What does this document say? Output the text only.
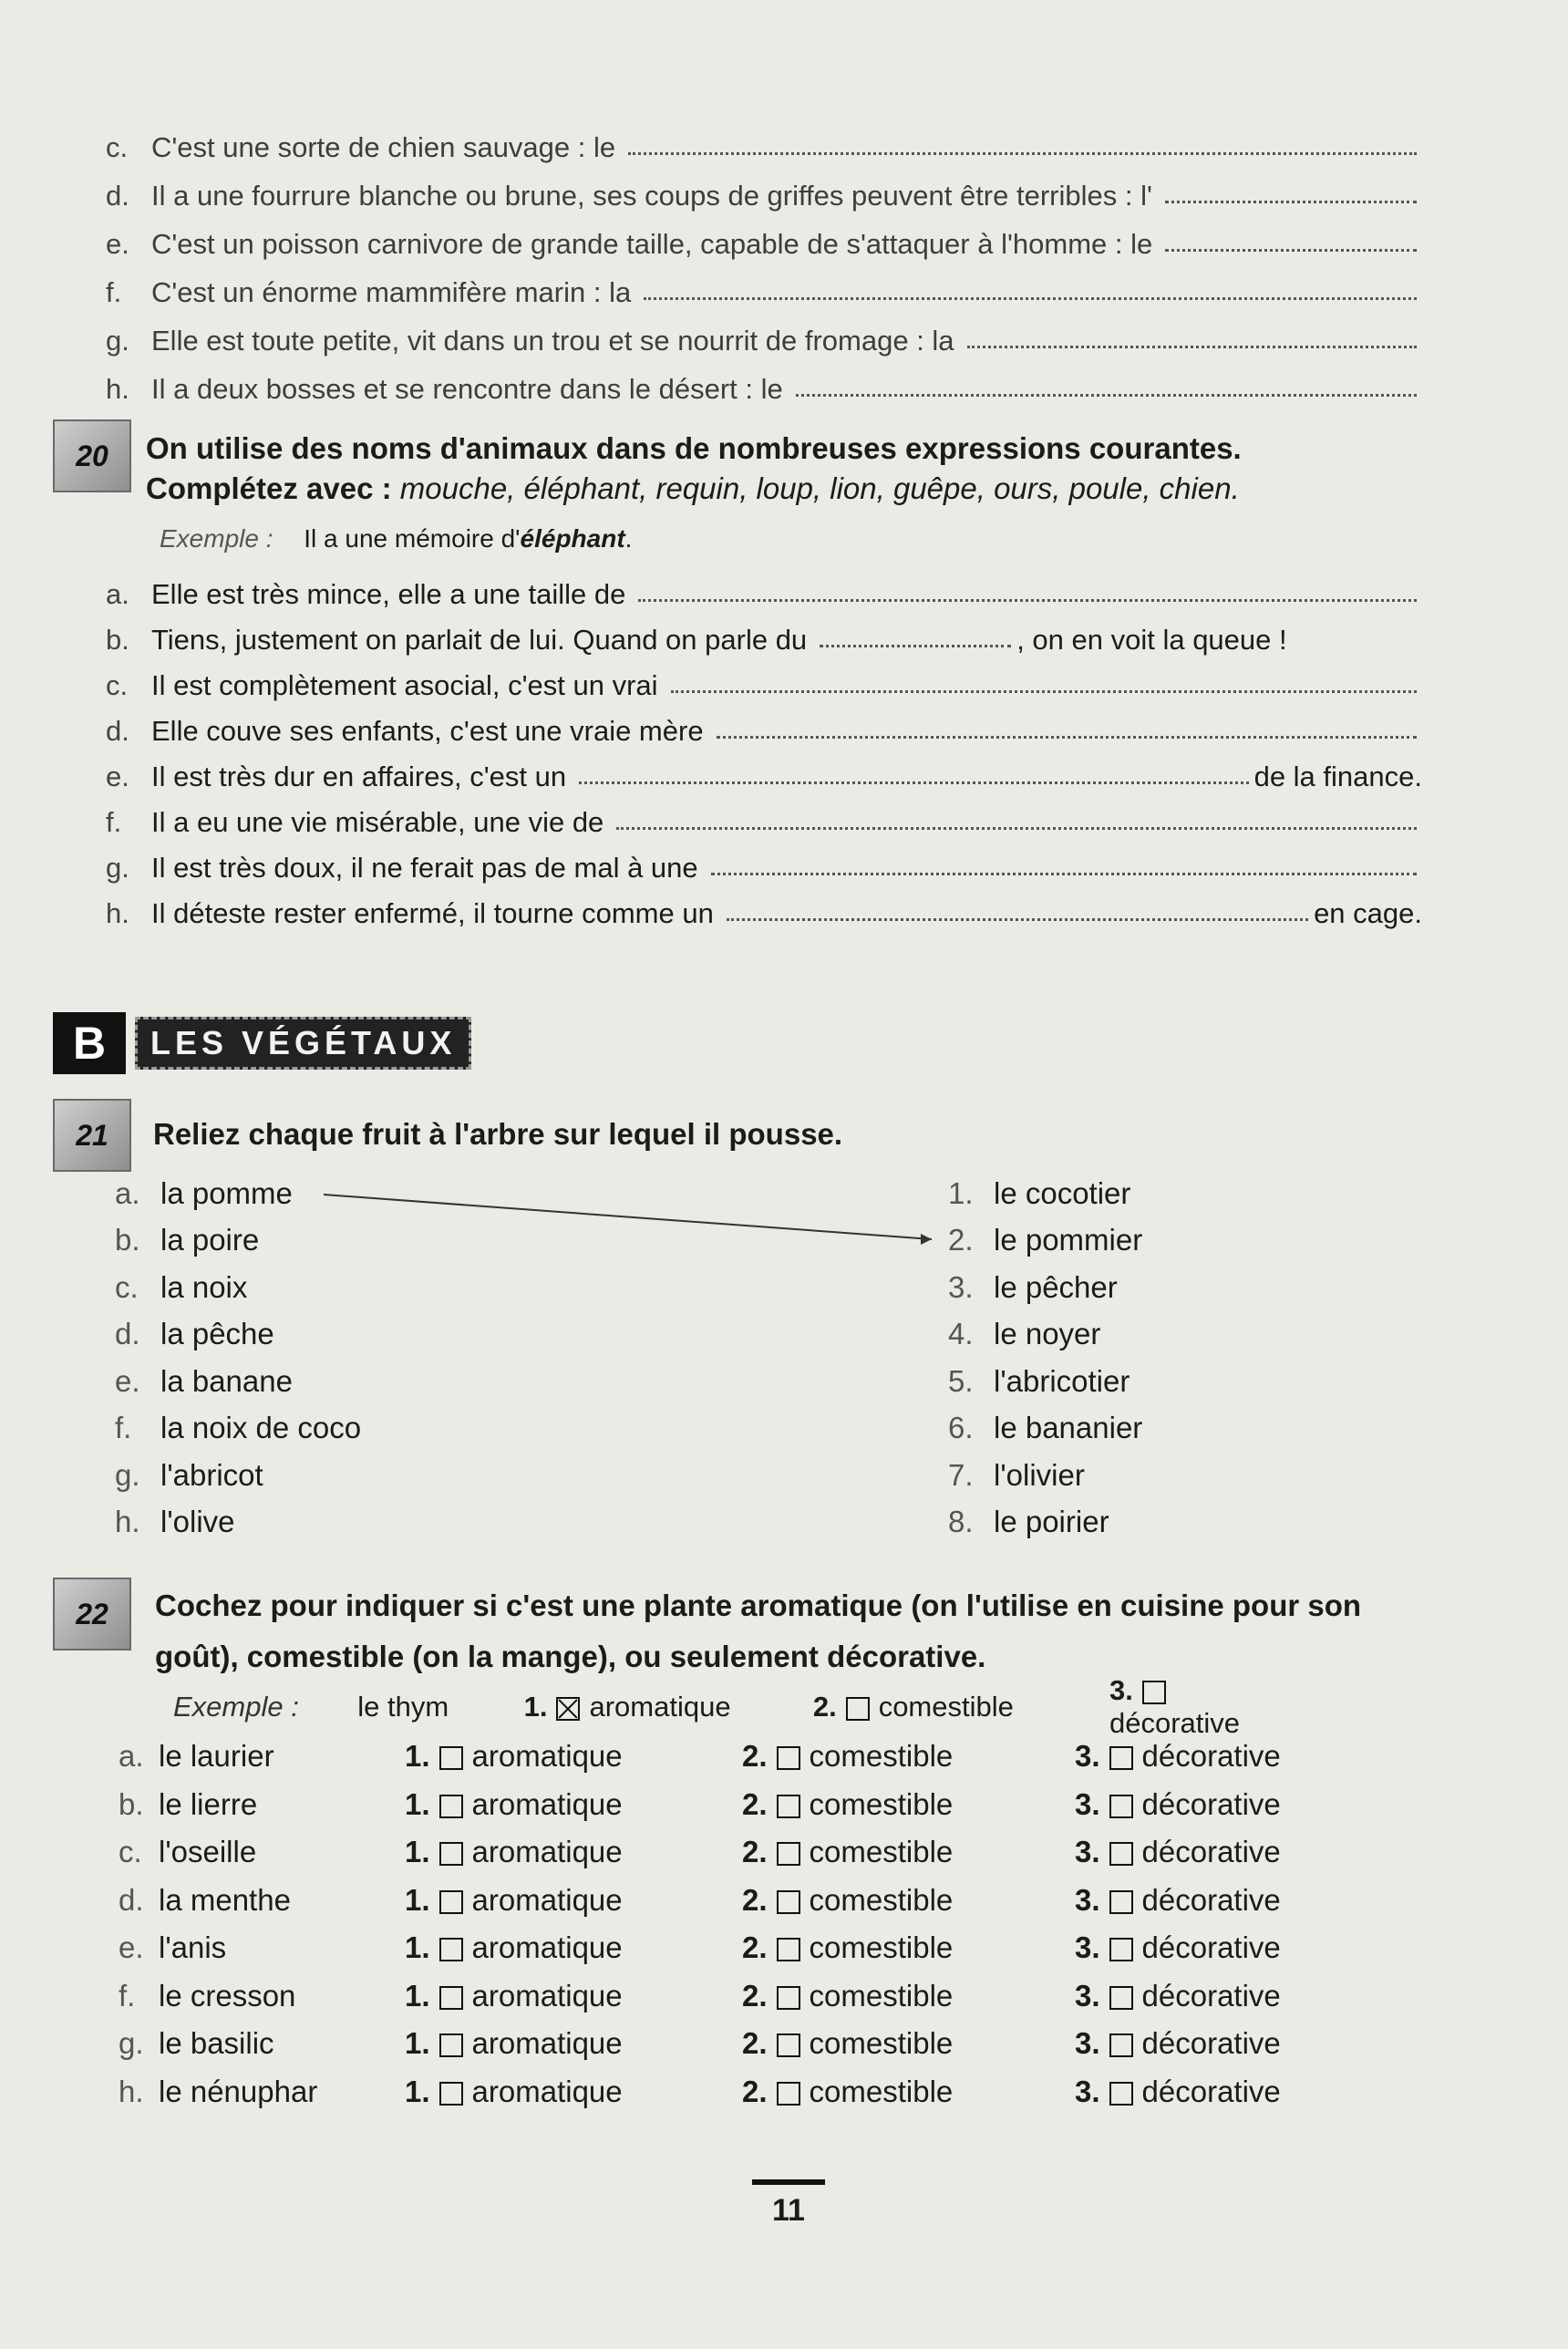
c. C'est une sorte de chien sauvage : le
d. Il a une fourrure blanche ou brune, ses coups de griffes peuvent être terribles : l'
e. C'est un poisson carnivore de grande taille, capable de s'attaquer à l'homme : le
f.	C'est un énorme mammifère marin : la
g. Elle est toute petite, vit dans un trou et se nourrit de fromage : la
h. Il a deux bosses et se rencontre dans le désert : le
20	On utilise des noms d'animaux dans de nombreuses expressions courantes.
Complétez avec : mouche, éléphant, requin, loup, lion, guêpe, ours, poule, chien.
Exemple : Il a une mémoire d'éléphant.
a. Elle est très mince, elle a une taille de
b. Tiens, justement on parlait de lui. Quand on parle du	, on en voit la queue !
c. Il est complètement asocial, c'est un vrai
d. Elle couve ses enfants, c'est une vraie mère
e. Il est très dur en affaires, c'est un	de la finance.
f.	Il a eu une vie misérable, une vie de
g. Il est très doux, il ne ferait pas de mal à une
h. Il déteste rester enfermé, il tourne comme un	en cage.
B	LES VÉGÉTAUX
21	Reliez chaque fruit à l'arbre sur lequel il pousse.
a. la pomme
b. la poire
c. la noix
d. la pêche
e. la banane
f. la noix de coco
g. l'abricot
h. l'olive
1. le cocotier
2. le pommier
3. le pêcher
4. le noyer
5. l'abricotier
6. le bananier
7. l'olivier
8. le poirier
22	Cochez pour indiquer si c'est une plante aromatique (on l'utilise en cuisine pour son
goût), comestible (on la mange), ou seulement décorative.
Exemple :	le thym	1. aromatique	2. comestible
3.décorative
a. le laurier	1. aromatique	2. comestible	3. décorative
b. le lierre	1. aromatique	2. comestible	3. décorative
c. l'oseille	1. aromatique	2. comestible	3. décorative
d. la menthe	1. aromatique	2. comestible	3. décorative
e. l'anis	1. aromatique	2. comestible	3. décorative
f. le cresson	1. aromatique	2. comestible	3. décorative
g. le basilic	1. aromatique	2. comestible	3. décorative
h. le nénuphar	1. aromatique	2. comestible	3. décorative
11
